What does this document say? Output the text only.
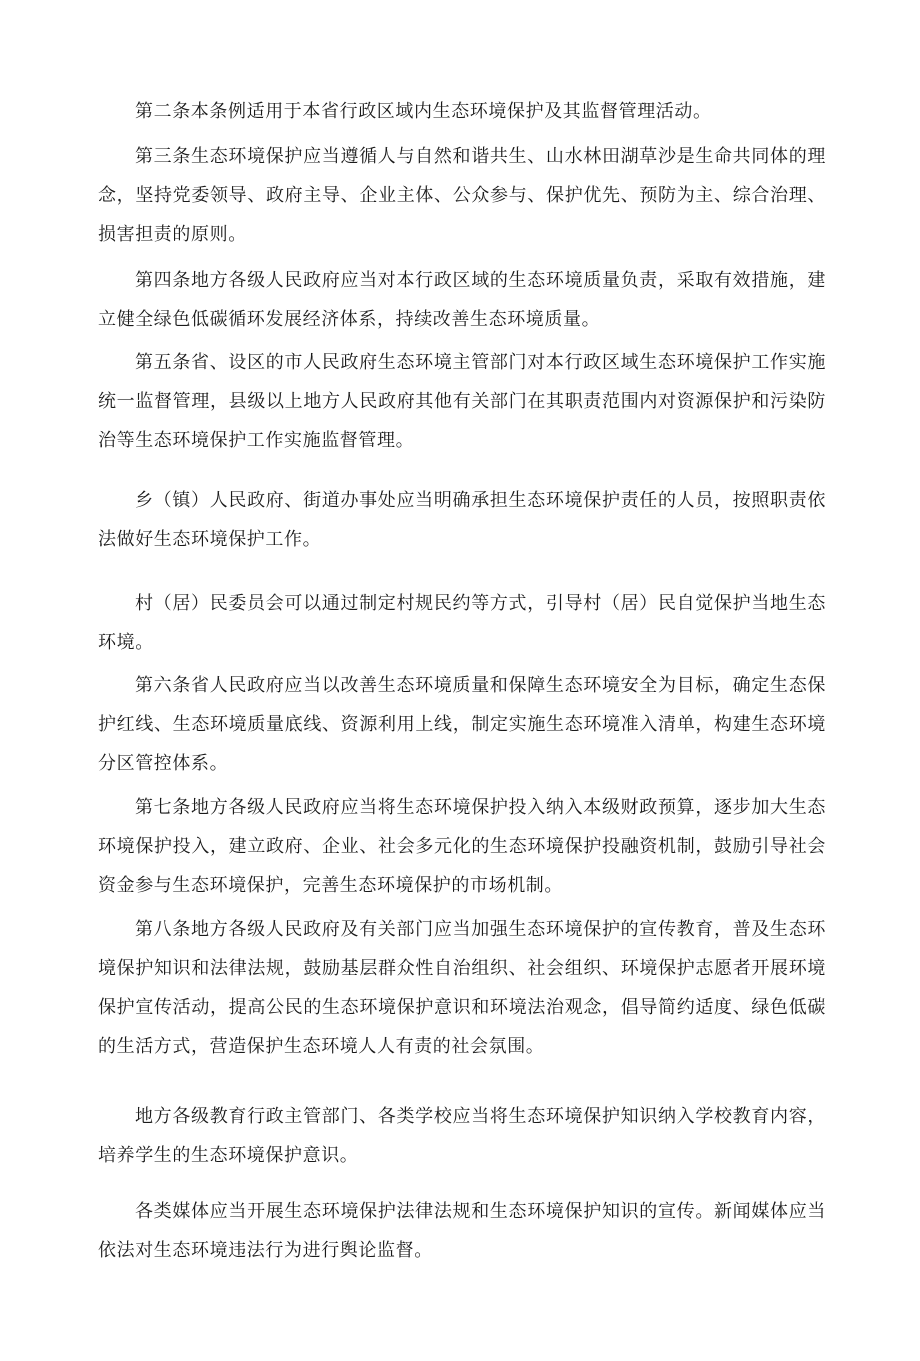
第二条本条例适用于本省行政区域内生态环境保护及其监督管理活动。

第三条生态环境保护应当遵循人与自然和谐共生、山水林田湖草沙是生命共同体的理念，坚持党委领导、政府主导、企业主体、公众参与、保护优先、预防为主、综合治理、损害担责的原则。

第四条地方各级人民政府应当对本行政区域的生态环境质量负责，采取有效措施，建立健全绿色低碳循环发展经济体系，持续改善生态环境质量。

第五条省、设区的市人民政府生态环境主管部门对本行政区域生态环境保护工作实施统一监督管理，县级以上地方人民政府其他有关部门在其职责范围内对资源保护和污染防治等生态环境保护工作实施监督管理。

乡（镇）人民政府、街道办事处应当明确承担生态环境保护责任的人员，按照职责依法做好生态环境保护工作。

村（居）民委员会可以通过制定村规民约等方式，引导村（居）民自觉保护当地生态环境。

第六条省人民政府应当以改善生态环境质量和保障生态环境安全为目标，确定生态保护红线、生态环境质量底线、资源利用上线，制定实施生态环境准入清单，构建生态环境分区管控体系。

第七条地方各级人民政府应当将生态环境保护投入纳入本级财政预算，逐步加大生态环境保护投入，建立政府、企业、社会多元化的生态环境保护投融资机制，鼓励引导社会资金参与生态环境保护，完善生态环境保护的市场机制。

第八条地方各级人民政府及有关部门应当加强生态环境保护的宣传教育，普及生态环境保护知识和法律法规，鼓励基层群众性自治组织、社会组织、环境保护志愿者开展环境保护宣传活动，提高公民的生态环境保护意识和环境法治观念，倡导简约适度、绿色低碳的生活方式，营造保护生态环境人人有责的社会氛围。

地方各级教育行政主管部门、各类学校应当将生态环境保护知识纳入学校教育内容，培养学生的生态环境保护意识。

各类媒体应当开展生态环境保护法律法规和生态环境保护知识的宣传。新闻媒体应当依法对生态环境违法行为进行舆论监督。
